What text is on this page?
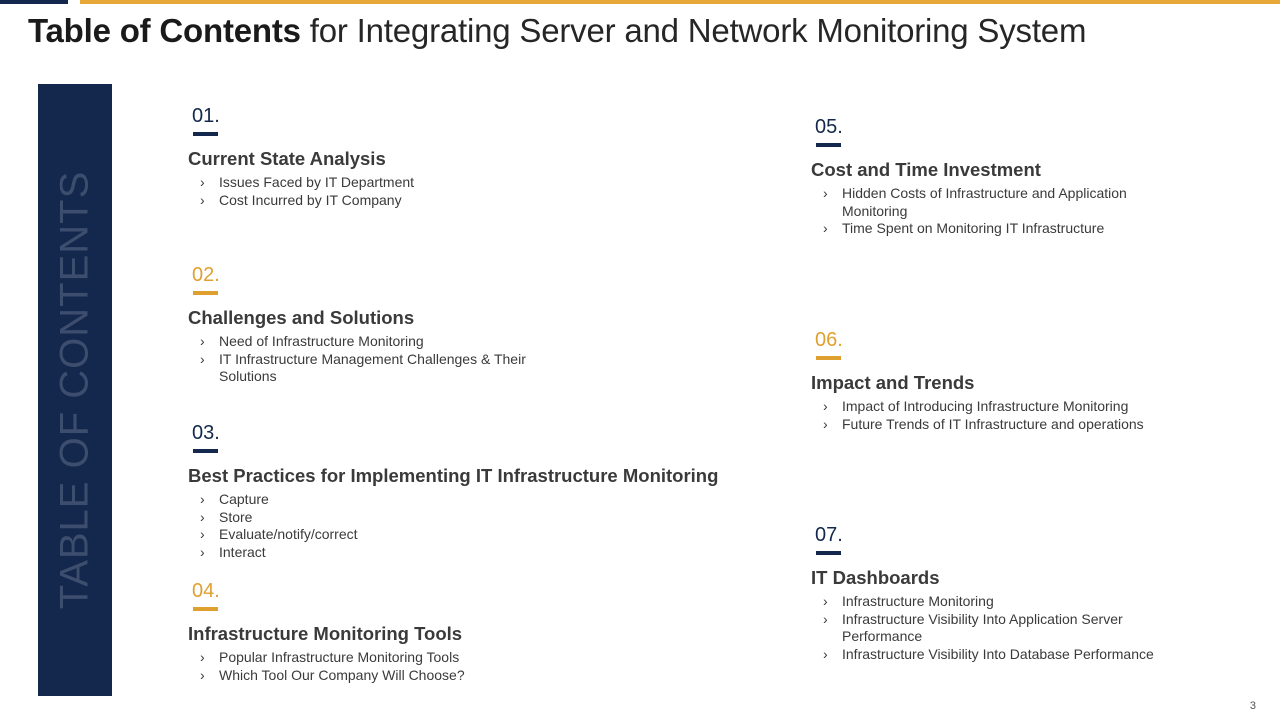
Table of Contents for Integrating Server and Network Monitoring System
TABLE OF CONTENTS
01.
Current State Analysis
› Issues Faced by IT Department
› Cost Incurred by IT Company
02.
Challenges and Solutions
› Need of Infrastructure Monitoring
› IT Infrastructure Management Challenges & Their Solutions
03.
Best Practices for Implementing IT Infrastructure Monitoring
› Capture
› Store
› Evaluate/notify/correct
› Interact
04.
Infrastructure Monitoring Tools
› Popular Infrastructure Monitoring Tools
› Which Tool Our Company Will Choose?
05.
Cost and Time Investment
› Hidden Costs of Infrastructure and Application Monitoring
› Time Spent on Monitoring IT Infrastructure
06.
Impact and Trends
› Impact of Introducing Infrastructure Monitoring
› Future Trends of IT Infrastructure and operations
07.
IT Dashboards
› Infrastructure Monitoring
› Infrastructure Visibility Into Application Server Performance
› Infrastructure Visibility Into Database Performance
3
